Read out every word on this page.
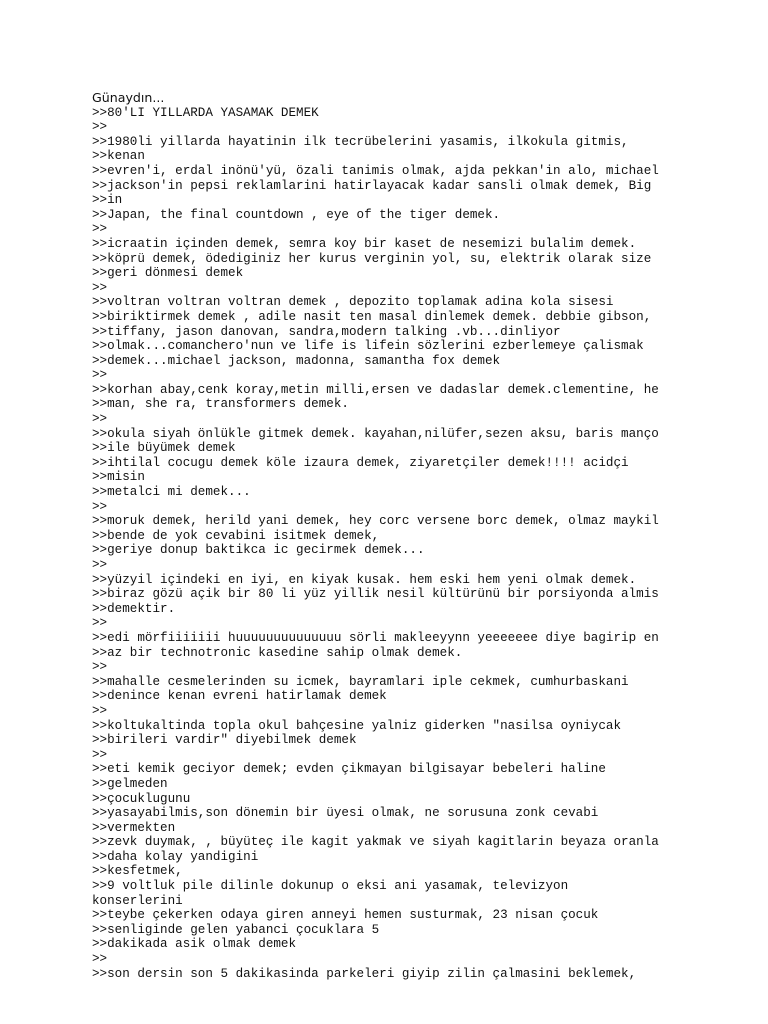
Günaydın...
>>80'LI YILLARDA YASAMAK DEMEK
>>
>>1980li yillarda hayatinin ilk tecrübelerini yasamis, ilkokula gitmis,
>>kenan
>>evren'i, erdal inönü'yü, özali tanimis olmak, ajda pekkan'in alo, michael
>>jackson'in pepsi reklamlarini hatirlayacak kadar sansli olmak demek, Big
>>in
>>Japan, the final countdown , eye of the tiger demek.
>>
>>icraatin içinden demek, semra koy bir kaset de nesemizi bulalim demek.
>>köprü demek, ödediginiz her kurus verginin yol, su, elektrik olarak size
>>geri dönmesi demek
>>
>>voltran voltran voltran demek , depozito toplamak adina kola sisesi
>>biriktirmek demek , adile nasit ten masal dinlemek demek. debbie gibson,
>>tiffany, jason danovan, sandra,modern talking .vb...dinliyor
>>olmak...comanchero'nun ve life is lifein sözlerini ezberlemeye çalismak
>>demek...michael jackson, madonna, samantha fox demek
>>
>>korhan abay,cenk koray,metin milli,ersen ve dadaslar demek.clementine, he
>>man, she ra, transformers demek.
>>
>>okula siyah önlükle gitmek demek. kayahan,nilüfer,sezen aksu, baris manço
>>ile büyümek demek
>>ihtilal cocugu demek köle izaura demek, ziyaretçiler demek!!!! acidçi
>>misin
>>metalci mi demek...
>>
>>moruk demek, herild yani demek, hey corc versene borc demek, olmaz maykil
>>bende de yok cevabini isitmek demek,
>>geriye donup baktikca ic gecirmek demek...
>>
>>yüzyil içindeki en iyi, en kiyak kusak. hem eski hem yeni olmak demek.
>>biraz gözü açik bir 80 li yüz yillik nesil kültürünü bir porsiyonda almis
>>demektir.
>>
>>edi mörfiiiiiii huuuuuuuuuuuuuu sörli makleeyynn yeeeeeee diye bagirip en
>>az bir technotronic kasedine sahip olmak demek.
>>
>>mahalle cesmelerinden su icmek, bayramlari iple cekmek, cumhurbaskani
>>denince kenan evreni hatirlamak demek
>>
>>koltukaltinda topla okul bahçesine yalniz giderken "nasilsa oyniycak
>>birileri vardir" diyebilmek demek
>>
>>eti kemik geciyor demek; evden çikmayan bilgisayar bebeleri haline
>>gelmeden
>>çocuklugunu
>>yasayabilmis,son dönemin bir üyesi olmak, ne sorusuna zonk cevabi
>>vermekten
>>zevk duymak, , büyüteç ile kagit yakmak ve siyah kagitlarin beyaza oranla
>>daha kolay yandigini
>>kesfetmek,
>>9 voltluk pile dilinle dokunup o eksi ani yasamak, televizyon
konserlerini
>>teybe çekerken odaya giren anneyi hemen susturmak, 23 nisan çocuk
>>senliginde gelen yabanci çocuklara 5
>>dakikada asik olmak demek
>>
>>son dersin son 5 dakikasinda parkeleri giyip zilin çalmasini beklemek,
